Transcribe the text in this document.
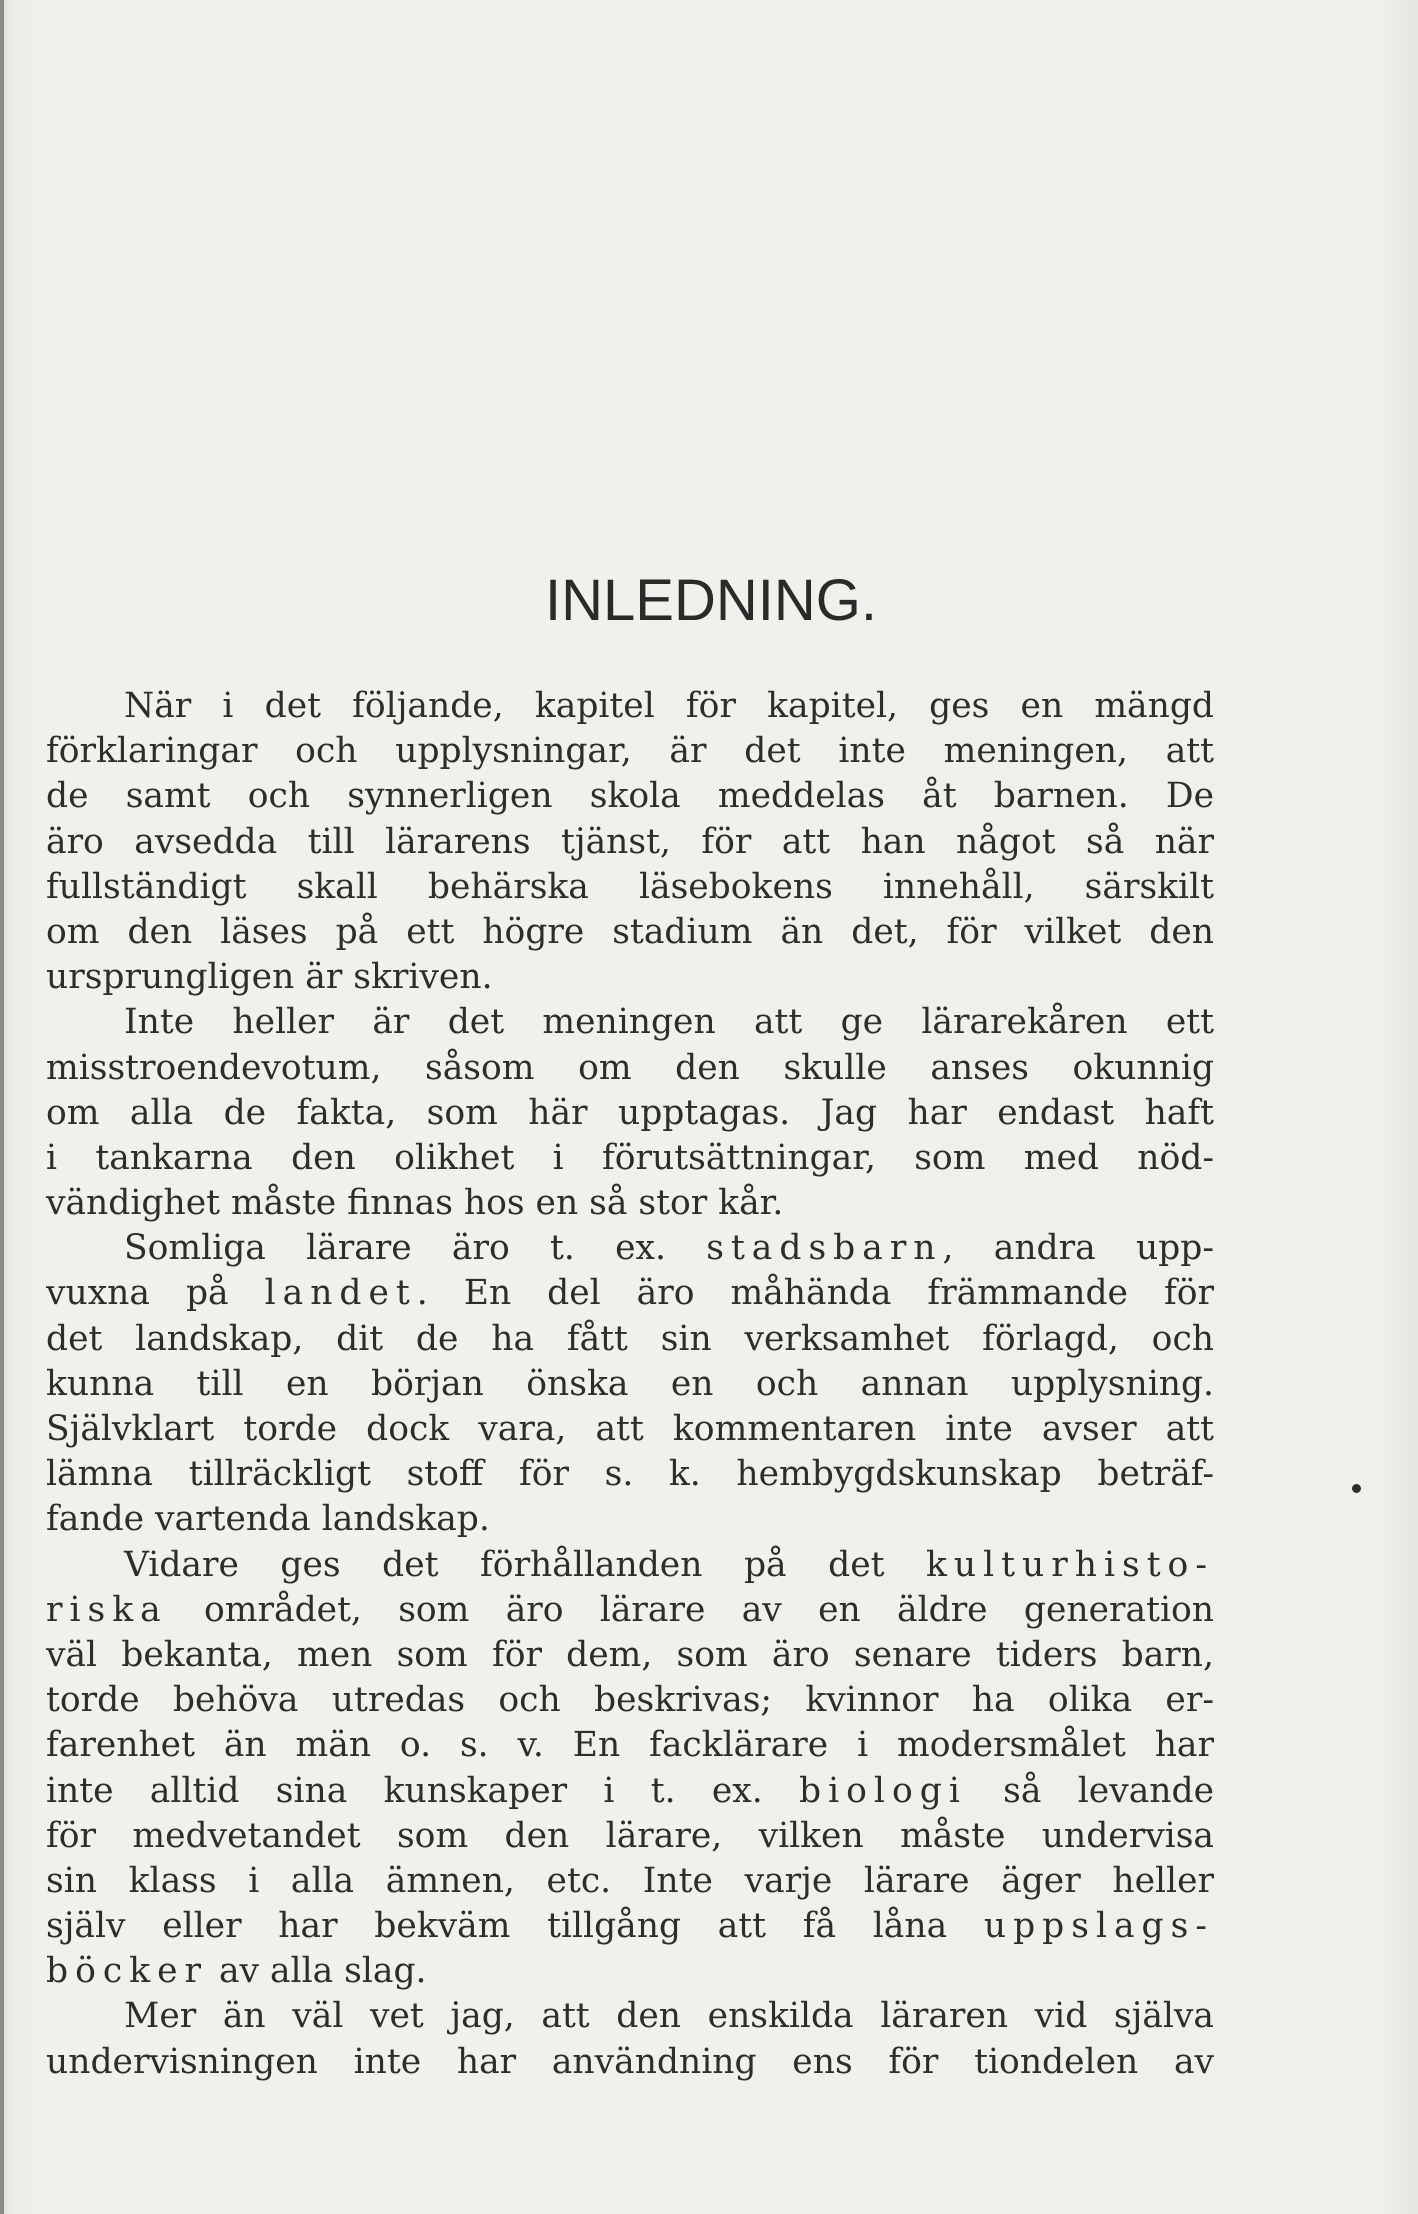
INLEDNING.
När i det följande, kapitel för kapitel, ges en mängd
förklaringar och upplysningar, är det inte meningen, att
de samt och synnerligen skola meddelas åt barnen. De
äro avsedda till lärarens tjänst, för att han något så när
fullständigt skall behärska läsebokens innehåll, särskilt
om den läses på ett högre stadium än det, för vilket den
ursprungligen är skriven.
Inte heller är det meningen att ge lärarekåren ett
misstroendevotum, såsom om den skulle anses okunnig
om alla de fakta, som här upptagas. Jag har endast haft
i tankarna den olikhet i förutsättningar, som med nöd-
vändighet måste finnas hos en så stor kår.
Somliga lärare äro t. ex. stadsbarn, andra upp-
vuxna på landet. En del äro måhända främmande för
det landskap, dit de ha fått sin verksamhet förlagd, och
kunna till en början önska en och annan upplysning.
Självklart torde dock vara, att kommentaren inte avser att
lämna tillräckligt stoff för s. k. hembygdskunskap beträf-
fande vartenda landskap.
Vidare ges det förhållanden på det kulturhisto-
riska området, som äro lärare av en äldre generation
väl bekanta, men som för dem, som äro senare tiders barn,
torde behöva utredas och beskrivas; kvinnor ha olika er-
farenhet än män o. s. v. En facklärare i modersmålet har
inte alltid sina kunskaper i t. ex. biologi så levande
för medvetandet som den lärare, vilken måste undervisa
sin klass i alla ämnen, etc. Inte varje lärare äger heller
själv eller har bekväm tillgång att få låna uppslags-
böcker av alla slag.
Mer än väl vet jag, att den enskilda läraren vid själva
undervisningen inte har användning ens för tiondelen av
